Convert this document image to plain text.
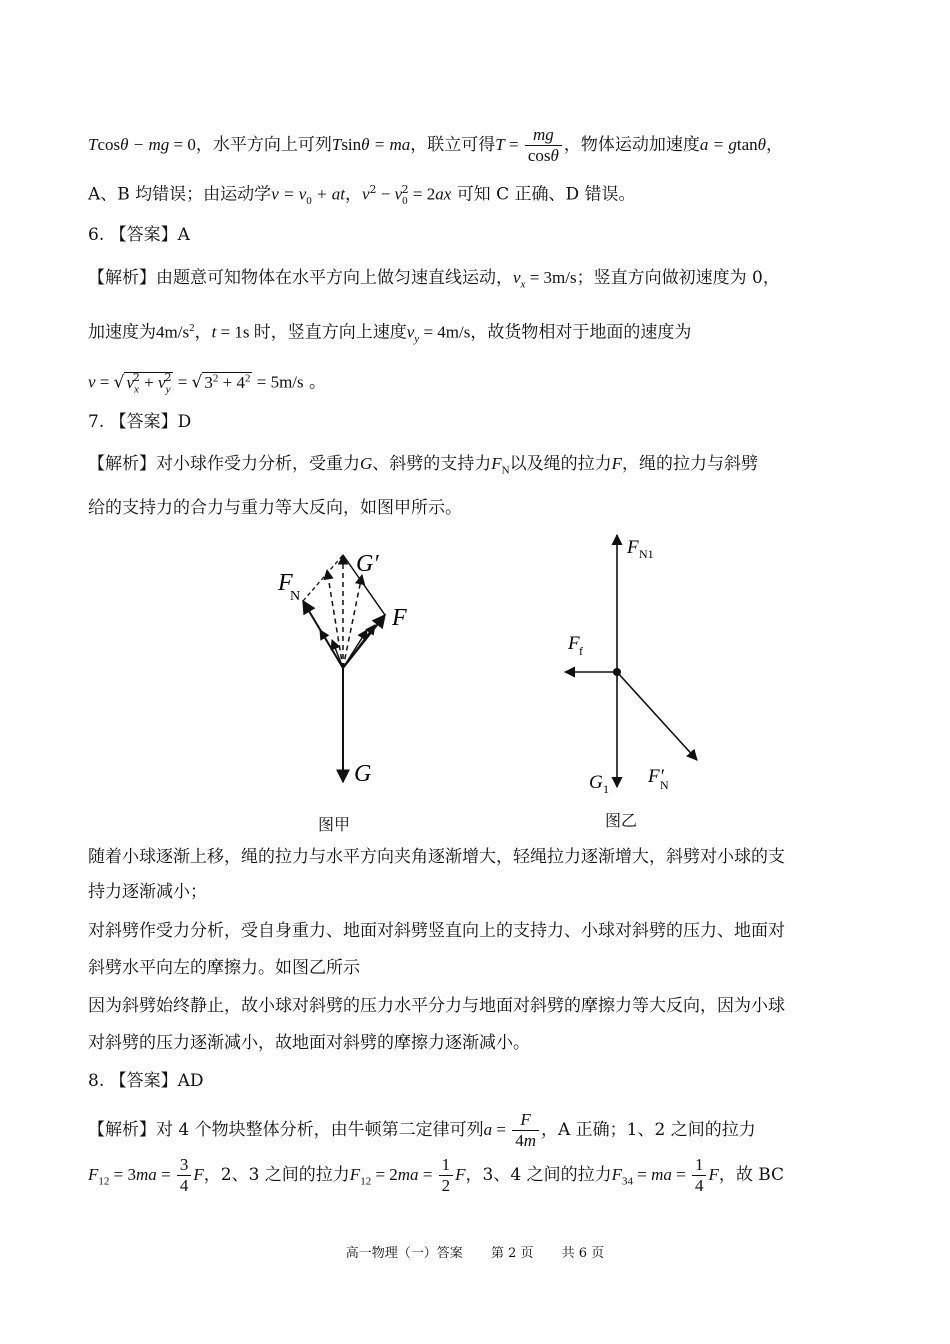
Tcosθ − mg = 0，水平方向上可列Tsinθ = ma，联立可得$T = \frac{mg}{\cos\theta}$ ，物体运动加速度a = gtanθ，
A、B 均错误；由运动学$v = v_0$ + at，$v^2 - v_0^2 = 2ax$ 可知 C 正确、D 错误。
6. 【答案】A
【解析】由题意可知物体在水平方向上做匀速直线运动，$v_x = 3m/s$；竖直方向做初速度为 0，
加速度为$4m/s^2$，t = 1s 时，竖直方向上速度$v_y = 4m/s$，故货物相对于地面的速度为
v = √ $v_x^2 + v_y^2$ = √ $3^2 + 4^2 = 5m/s$ 。
7. 【答案】D
【解析】对小球作受力分析，受重力G、斜劈的支持力$F_N$以及绳的拉力F，绳的拉力与斜劈
给的支持力的合力与重力等大反向，如图甲所示。
F
N
G′
F
G
图甲
F N1
F f
G 1
F′
N
图乙
随着小球逐渐上移，绳的拉力与水平方向夹角逐渐增大，轻绳拉力逐渐增大，斜劈对小球的支
持力逐渐减小；
对斜劈作受力分析，受自身重力、地面对斜劈竖直向上的支持力、小球对斜劈的压力、地面对
斜劈水平向左的摩擦力。如图乙所示
因为斜劈始终静止，故小球对斜劈的压力水平分力与地面对斜劈的摩擦力等大反向，因为小球
对斜劈的压力逐渐减小，故地面对斜劈的摩擦力逐渐减小。
8. 【答案】AD
【解析】对 4 个物块整体分析，由牛顿第二定律可列$a = \frac{F}{4m}$ ，A 正确；1、2 之间的拉力
$F_{12} = 3ma = \frac{3}{4}$ F，2、3 之间的拉力$F_{12} = 2ma = \frac{1}{2}$ F，3、4 之间的拉力$F_{34}$ = ma = $\frac{1}{4}$ F，故 BC
高一物理（一）答案 第 2 页 共 6 页
